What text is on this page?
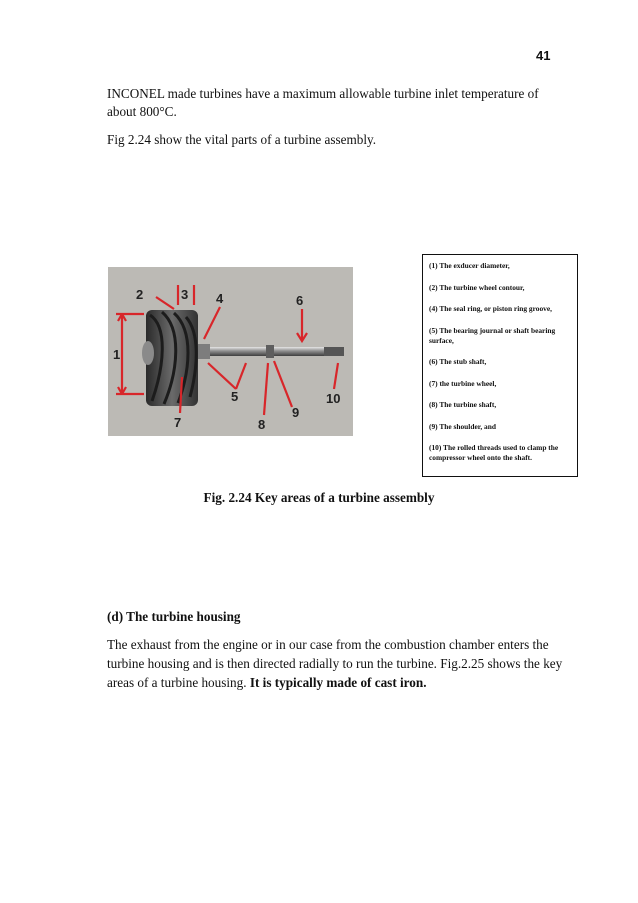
41

INCONEL made turbines have a maximum allowable turbine inlet temperature of about 800°C.

Fig 2.24 show the vital parts of a turbine assembly.

1
2	3 4
5
6
7	8
9
10
(1) The exducer diameter,
(2) The turbine wheel contour,
(4) The seal ring, or piston ring groove,
(5) The bearing journal or shaft bearing surface,
(6) The stub shaft,
(7) the turbine wheel,
(8) The turbine shaft,
(9) The shoulder, and
(10) The rolled threads used to clamp the compressor wheel onto the shaft.
Fig. 2.24 Key areas of a turbine assembly
(d) The turbine housing

The exhaust from the engine or in our case from the combustion chamber enters the turbine housing and is then directed radially to run the turbine. Fig.2.25 shows the key areas of a turbine housing. It is typically made of cast iron.
